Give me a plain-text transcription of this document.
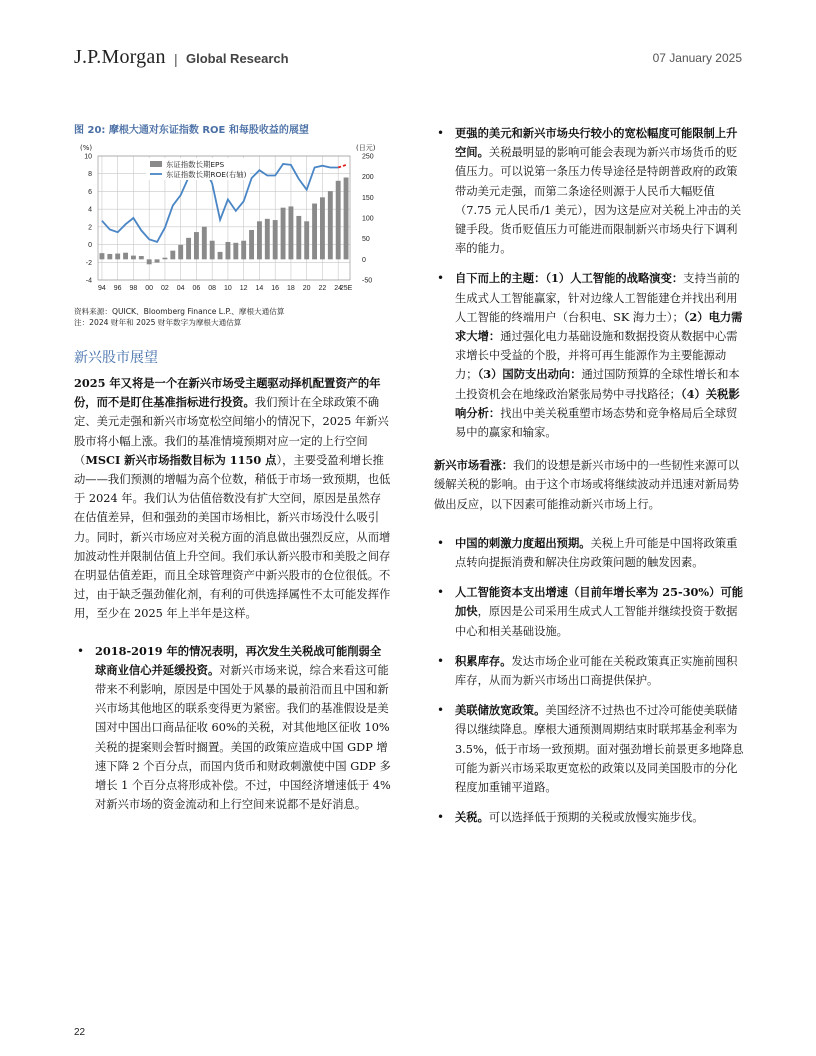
J.P.Morgan | Global Research	07 January 2025
图 20: 摩根大通对东证指数 ROE 和每股收益的展望
(%)	(日元)
10
8
6
4
2
0
-2
-4
250
200
150
100
50
0
-50
94 96 98 00 02 04 06 08 10 12 14 16 18 20 22 24
25E
东证指数长期EPS
东证指数长期ROE(右轴)
资料来源：QUICK、Bloomberg Finance L.P.、摩根大通估算
注：2024 财年和 2025 财年数字为摩根大通估算
新兴股市展望

2025 年又将是一个在新兴市场受主题驱动择机配置资产的年份，而不是盯住基准指标进行投资。我们预计在全球政策不确定、美元走强和新兴市场宽松空间缩小的情况下，2025 年新兴股市将小幅上涨。我们的基准情境预期对应一定的上行空间（MSCI 新兴市场指数目标为 1150 点），主要受盈利增长推动——我们预测的增幅为高个位数，稍低于市场一致预期，也低于 2024 年。我们认为估值倍数没有扩大空间，原因是虽然存在估值差异，但和强劲的美国市场相比，新兴市场没什么吸引力。同时，新兴市场应对关税方面的消息做出强烈反应，从而增加波动性并限制估值上升空间。我们承认新兴股市和美股之间存在明显估值差距，而且全球管理资产中新兴股市的仓位很低。不过，由于缺乏强劲催化剂，有利的可供选择属性不太可能发挥作用，至少在 2025 年上半年是这样。

• 2018-2019 年的情况表明，再次发生关税战可能削弱全球商业信心并延缓投资。对新兴市场来说，综合来看这可能带来不利影响，原因是中国处于风暴的最前沿而且中国和新兴市场其他地区的联系变得更为紧密。我们的基准假设是美国对中国出口商品征收 60%的关税，对其他地区征收 10%关税的提案则会暂时搁置。美国的政策应造成中国 GDP 增速下降 2 个百分点，而国内货币和财政刺激使中国 GDP 多增长 1 个百分点将形成补偿。不过，中国经济增速低于 4%对新兴市场的资金流动和上行空间来说都不是好消息。
• 更强的美元和新兴市场央行较小的宽松幅度可能限制上升空间。关税最明显的影响可能会表现为新兴市场货币的贬值压力。可以说第一条压力传导途径是特朗普政府的政策带动美元走强，而第二条途径则源于人民币大幅贬值（7.75 元人民币/1 美元），因为这是应对关税上冲击的关键手段。货币贬值压力可能进而限制新兴市场央行下调利率的能力。
• 自下而上的主题：（1）人工智能的战略演变：支持当前的生成式人工智能赢家，针对边缘人工智能建仓并找出利用人工智能的终端用户（台积电、SK 海力士）；（2）电力需求大增：通过强化电力基础设施和数据投资从数据中心需求增长中受益的个股，并将可再生能源作为主要能源动力；（3）国防支出动向：通过国防预算的全球性增长和本土投资机会在地缘政治紧张局势中寻找路径；（4）关税影响分析：找出中美关税重塑市场态势和竞争格局后全球贸易中的赢家和输家。

新兴市场看涨：我们的设想是新兴市场中的一些韧性来源可以缓解关税的影响。由于这个市场或将继续波动并迅速对新局势做出反应，以下因素可能推动新兴市场上行。

• 中国的刺激力度超出预期。关税上升可能是中国将政策重点转向提振消费和解决住房政策问题的触发因素。
• 人工智能资本支出增速（目前年增长率为 25-30%）可能加快，原因是公司采用生成式人工智能并继续投资于数据中心和相关基础设施。
• 积累库存。发达市场企业可能在关税政策真正实施前囤积库存，从而为新兴市场出口商提供保护。
• 美联储放宽政策。美国经济不过热也不过冷可能使美联储得以继续降息。摩根大通预测周期结束时联邦基金利率为 3.5%，低于市场一致预期。面对强劲增长前景更多地降息可能为新兴市场采取更宽松的政策以及同美国股市的分化程度加重铺平道路。
• 关税。可以选择低于预期的关税或放慢实施步伐。
22
